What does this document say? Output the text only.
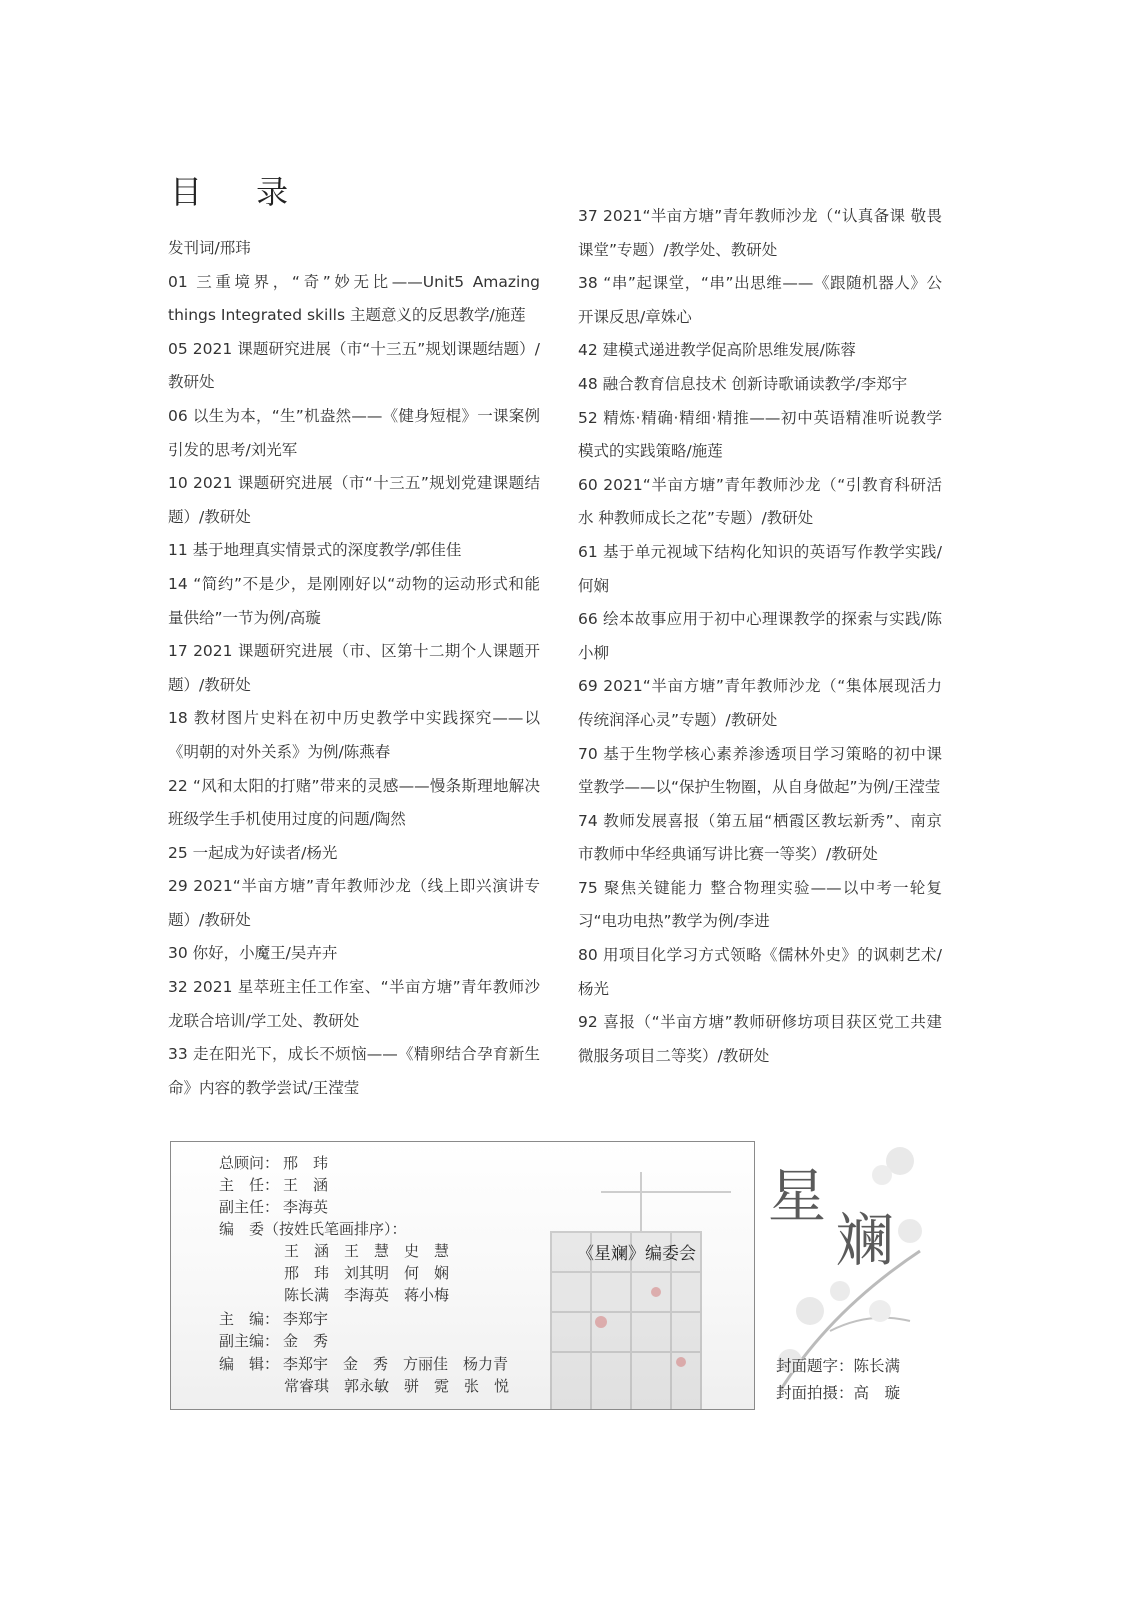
目 录

发刊词/邢玮

01 三重境界，“奇”妙无比——Unit5 Amazing things Integrated skills 主题意义的反思教学/施莲

05 2021 课题研究进展（市“十三五”规划课题结题）/教研处

06 以生为本，“生”机盎然——《健身短棍》一课案例引发的思考/刘光军

10 2021 课题研究进展（市“十三五”规划党建课题结题）/教研处

11 基于地理真实情景式的深度教学/郭佳佳

14 “简约”不是少，是刚刚好以“动物的运动形式和能量供给”一节为例/高璇

17 2021 课题研究进展（市、区第十二期个人课题开题）/教研处

18 教材图片史料在初中历史教学中实践探究——以《明朝的对外关系》为例/陈燕春

22 “风和太阳的打赌”带来的灵感——慢条斯理地解决班级学生手机使用过度的问题/陶然

25 一起成为好读者/杨光

29 2021“半亩方塘”青年教师沙龙（线上即兴演讲专题）/教研处

30 你好，小魔王/吴卉卉

32 2021 星萃班主任工作室、“半亩方塘”青年教师沙龙联合培训/学工处、教研处

33 走在阳光下，成长不烦恼——《精卵结合孕育新生命》内容的教学尝试/王滢莹

37 2021“半亩方塘”青年教师沙龙（“认真备课 敬畏课堂”专题）/教学处、教研处

38 “串”起课堂，“串”出思维——《跟随机器人》公开课反思/章姝心

42 建模式递进教学促高阶思维发展/陈蓉

48 融合教育信息技术 创新诗歌诵读教学/李郑宇

52 精炼·精确·精细·精推——初中英语精准听说教学模式的实践策略/施莲

60 2021“半亩方塘”青年教师沙龙（“引教育科研活水 种教师成长之花”专题）/教研处

61 基于单元视域下结构化知识的英语写作教学实践/何娴

66 绘本故事应用于初中心理课教学的探索与实践/陈小柳

69 2021“半亩方塘”青年教师沙龙（“集体展现活力 传统润泽心灵”专题）/教研处

70 基于生物学核心素养渗透项目学习策略的初中课堂教学——以“保护生物圈，从自身做起”为例/王滢莹

74 教师发展喜报（第五届“栖霞区教坛新秀”、南京市教师中华经典诵写讲比赛一等奖）/教研处

75 聚焦关键能力 整合物理实验——以中考一轮复习“电功电热”教学为例/李进

80 用项目化学习方式领略《儒林外史》的讽刺艺术/杨光

92 喜报（“半亩方塘”教师研修坊项目获区党工共建微服务项目二等奖）/教研处

总顾问： 邢　玮
主　任： 王　涵
副主任： 李海英
编　委（按姓氏笔画排序）：
王　涵　王　慧　史　慧
邢　玮　刘其明　何　娴
陈长满　李海英　蒋小梅
主　编： 李郑宇
副主编： 金　秀
编　辑： 李郑宇　金　秀　方丽佳　杨力青
常睿琪　郭永敏　骈　霓　张　悦
《星斓》编委会
星
斓
封面题字：陈长满
封面拍摄：高　璇
